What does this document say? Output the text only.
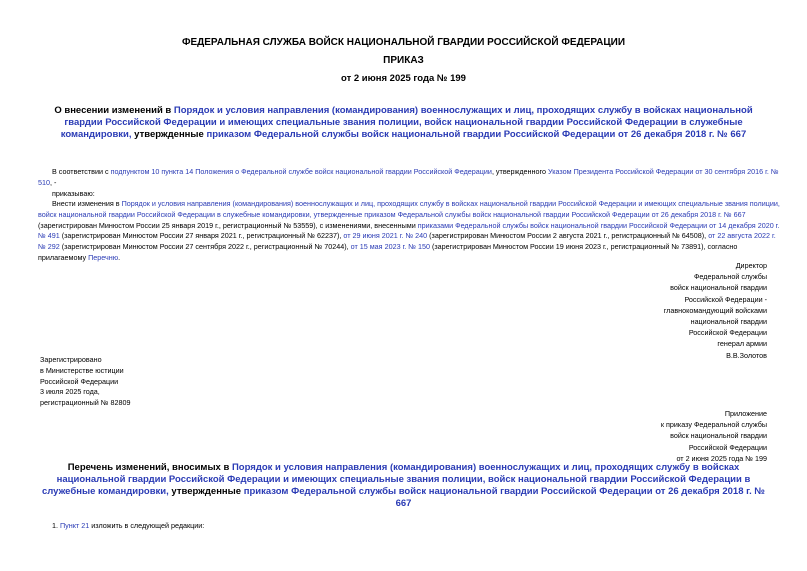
ФЕДЕРАЛЬНАЯ СЛУЖБА ВОЙСК НАЦИОНАЛЬНОЙ ГВАРДИИ РОССИЙСКОЙ ФЕДЕРАЦИИ
ПРИКАЗ
от 2 июня 2025 года № 199
О внесении изменений в Порядок и условия направления (командирования) военнослужащих и лиц, проходящих службу в войсках национальной гвардии Российской Федерации и имеющих специальные звания полиции, войск национальной гвардии Российской Федерации в служебные командировки, утвержденные приказом Федеральной службы войск национальной гвардии Российской Федерации от 26 декабря 2018 г. № 667
В соответствии с подпунктом 10 пункта 14 Положения о Федеральной службе войск национальной гвардии Российской Федерации, утвержденного Указом Президента Российской Федерации от 30 сентября 2016 г. № 510, -
приказываю:
Внести изменения в Порядок и условия направления (командирования) военнослужащих и лиц, проходящих службу в войсках национальной гвардии Российской Федерации и имеющих специальные звания полиции, войск национальной гвардии Российской Федерации в служебные командировки, утвержденные приказом Федеральной службы войск национальной гвардии Российской Федерации от 26 декабря 2018 г. № 667 (зарегистрирован Минюстом России 25 января 2019 г., регистрационный № 53559), с изменениями, внесенными приказами Федеральной службы войск национальной гвардии Российской Федерации от 14 декабря 2020 г. № 491 (зарегистрирован Минюстом России 27 января 2021 г., регистрационный № 62237), от 29 июня 2021 г. № 240 (зарегистрирован Минюстом России 2 августа 2021 г., регистрационный № 64508), от 22 августа 2022 г. № 292 (зарегистрирован Минюстом России 27 сентября 2022 г., регистрационный № 70244), от 15 мая 2023 г. № 150 (зарегистрирован Минюстом России 19 июня 2023 г., регистрационный № 73891), согласно прилагаемому Перечню.
Директор
Федеральной службы
войск национальной гвардии
Российской Федерации -
главнокомандующий войсками
национальной гвардии
Российской Федерации
генерал армии
В.В.Золотов
Зарегистрировано
в Министерстве юстиции
Российской Федерации
3 июля 2025 года,
регистрационный № 82809
Приложение
к приказу Федеральной службы
войск национальной гвардии
Российской Федерации
от 2 июня 2025 года № 199
Перечень изменений, вносимых в Порядок и условия направления (командирования) военнослужащих и лиц, проходящих службу в войсках национальной гвардии Российской Федерации и имеющих специальные звания полиции, войск национальной гвардии Российской Федерации в служебные командировки, утвержденные приказом Федеральной службы войск национальной гвардии Российской Федерации от 26 декабря 2018 г. № 667
1. Пункт 21 изложить в следующей редакции:
